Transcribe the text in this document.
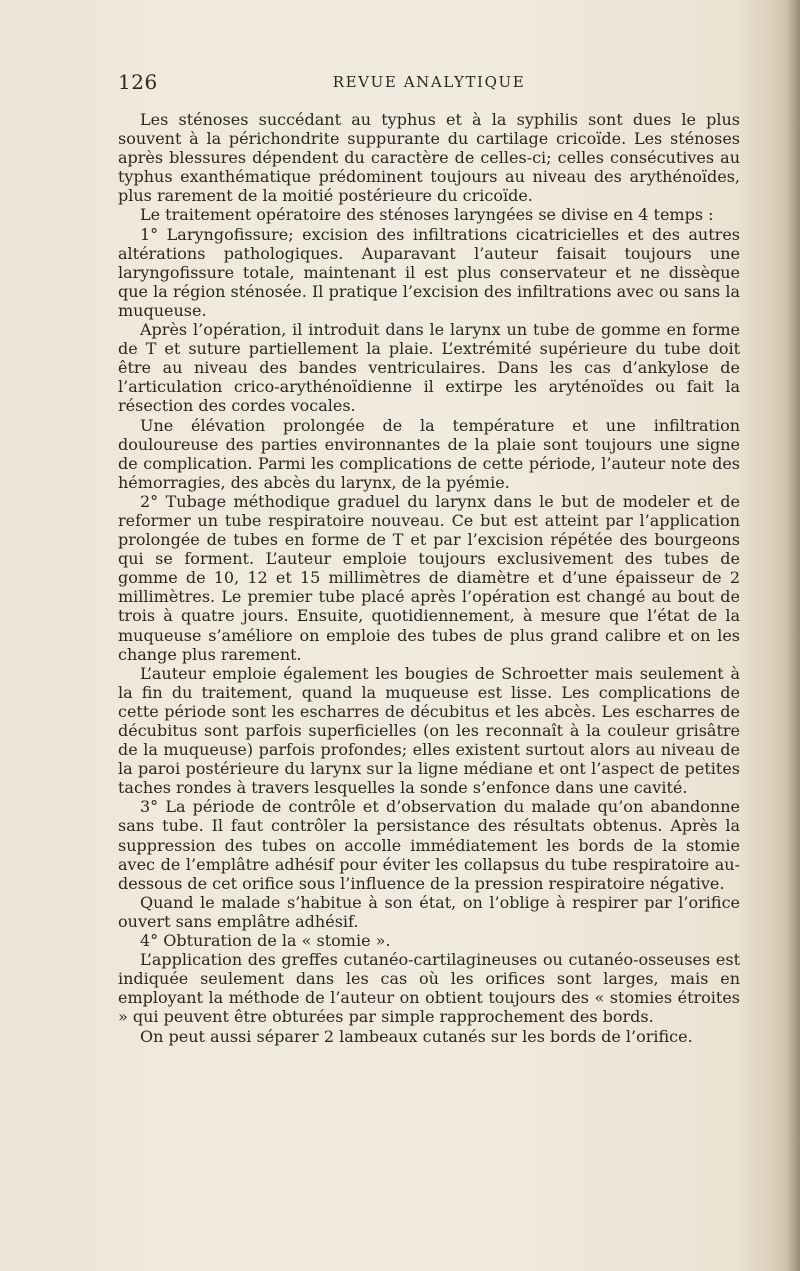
126	REVUE ANALYTIQUE

Les sténoses succédant au typhus et à la syphilis sont dues le plus souvent à la périchondrite suppurante du cartilage cricoïde. Les sténoses après blessures dépendent du caractère de celles-ci; celles consécutives au typhus exanthématique prédominent toujours au niveau des arythénoïdes, plus rarement de la moitié postérieure du cricoïde.

Le traitement opératoire des sténoses laryngées se divise en 4 temps :

1° Laryngofissure; excision des infiltrations cicatricielles et des autres altérations pathologiques. Auparavant l’auteur faisait toujours une laryngofissure totale, maintenant il est plus conservateur et ne dissèque que la région sténosée. Il pratique l’excision des infiltrations avec ou sans la muqueuse.

Après l’opération, il introduit dans le larynx un tube de gomme en forme de T et suture partiellement la plaie. L’extrémité supérieure du tube doit être au niveau des bandes ventriculaires. Dans les cas d’ankylose de l’articulation crico-arythénoïdienne il extirpe les aryténoïdes ou fait la résection des cordes vocales.

Une élévation prolongée de la température et une infiltration douloureuse des parties environnantes de la plaie sont toujours une signe de complication. Parmi les complications de cette période, l’auteur note des hémorragies, des abcès du larynx, de la pyémie.

2° Tubage méthodique graduel du larynx dans le but de modeler et de reformer un tube respiratoire nouveau. Ce but est atteint par l’application prolongée de tubes en forme de T et par l’excision répétée des bourgeons qui se forment. L’auteur emploie toujours exclusivement des tubes de gomme de 10, 12 et 15 millimètres de diamètre et d’une épaisseur de 2 millimètres. Le premier tube placé après l’opération est changé au bout de trois à quatre jours. Ensuite, quotidiennement, à mesure que l’état de la muqueuse s’améliore on emploie des tubes de plus grand calibre et on les change plus rarement.

L’auteur emploie également les bougies de Schroetter mais seulement à la fin du traitement, quand la muqueuse est lisse. Les complications de cette période sont les escharres de décubitus et les abcès. Les escharres de décubitus sont parfois superficielles (on les reconnaît à la couleur grisâtre de la muqueuse) parfois profondes; elles existent surtout alors au niveau de la paroi postérieure du larynx sur la ligne médiane et ont l’aspect de petites taches rondes à travers lesquelles la sonde s’enfonce dans une cavité.

3° La période de contrôle et d’observation du malade qu’on abandonne sans tube. Il faut contrôler la persistance des résultats obtenus. Après la suppression des tubes on accolle immédiatement les bords de la stomie avec de l’emplâtre adhésif pour éviter les collapsus du tube respiratoire au-dessous de cet orifice sous l’influence de la pression respiratoire négative.

Quand le malade s’habitue à son état, on l’oblige à respirer par l’orifice ouvert sans emplâtre adhésif.

4° Obturation de la « stomie ».

L’application des greffes cutanéo-cartilagineuses ou cutanéo-osseuses est indiquée seulement dans les cas où les orifices sont larges, mais en employant la méthode de l’auteur on obtient toujours des « stomies étroites » qui peuvent être obturées par simple rapprochement des bords.

On peut aussi séparer 2 lambeaux cutanés sur les bords de l’orifice.
